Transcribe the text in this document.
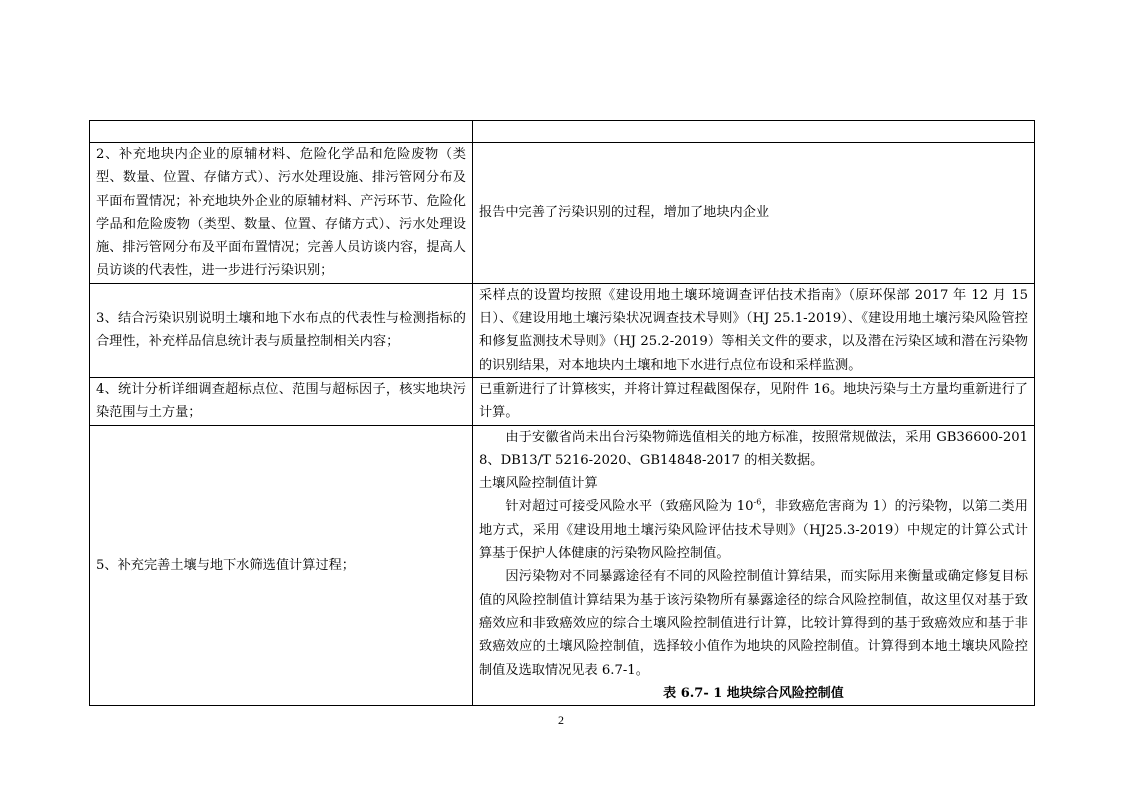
2、补充地块内企业的原辅材料、危险化学品和危险废物（类型、数量、位置、存储方式）、污水处理设施、排污管网分布及平面布置情况；补充地块外企业的原辅材料、产污环节、危险化学品和危险废物（类型、数量、位置、存储方式）、污水处理设施、排污管网分布及平面布置情况；完善人员访谈内容，提高人员访谈的代表性，进一步进行污染识别；	报告中完善了污染识别的过程，增加了地块内企业

3、结合污染识别说明土壤和地下水布点的代表性与检测指标的合理性，补充样品信息统计表与质量控制相关内容；	采样点的设置均按照《建设用地土壤环境调查评估技术指南》（原环保部 2017 年 12 月 15 日）、《建设用地土壤污染状况调查技术导则》（HJ 25.1-2019）、《建设用地土壤污染风险管控和修复监测技术导则》（HJ 25.2-2019）等相关文件的要求，以及潜在污染区域和潜在污染物的识别结果，对本地块内土壤和地下水进行点位布设和采样监测。

4、统计分析详细调查超标点位、范围与超标因子，核实地块污染范围与土方量；	已重新进行了计算核实，并将计算过程截图保存，见附件 16。地块污染与土方量均重新进行了计算。

5、补充完善土壤与地下水筛选值计算过程；	由于安徽省尚未出台污染物筛选值相关的地方标准，按照常规做法，采用 GB36600-2018、DB13/T 5216-2020、GB14848-2017 的相关数据。

土壤风险控制值计算

针对超过可接受风险水平（致癌风险为 $10^{-6}$，非致癌危害商为 1）的污染物，以第二类用地方式，采用《建设用地土壤污染风险评估技术导则》（HJ25.3-2019）中规定的计算公式计算基于保护人体健康的污染物风险控制值。

因污染物对不同暴露途径有不同的风险控制值计算结果，而实际用来衡量或确定修复目标值的风险控制值计算结果为基于该污染物所有暴露途径的综合风险控制值，故这里仅对基于致癌效应和非致癌效应的综合土壤风险控制值进行计算，比较计算得到的基于致癌效应和基于非致癌效应的土壤风险控制值，选择较小值作为地块的风险控制值。计算得到本地土壤块风险控制值及选取情况见表 6.7-1。

表 6.7- 1 地块综合风险控制值

2
